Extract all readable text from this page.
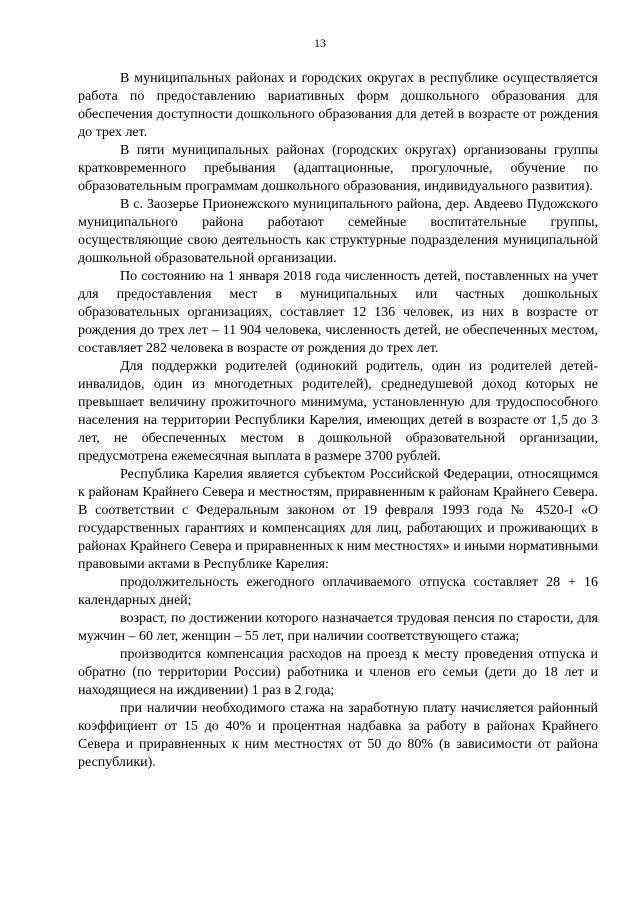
13

В муниципальных районах и городских округах в республике осуществляется работа по предоставлению вариативных форм дошкольного образования для обеспечения доступности дошкольного образования для детей в возрасте от рождения до трех лет.

В пяти муниципальных районах (городских округах) организованы группы кратковременного пребывания (адаптационные, прогулочные, обучение по образовательным программам дошкольного образования, индивидуального развития).

В с. Заозерье Прионежского муниципального района, дер. Авдеево Пудожского муниципального района работают семейные воспитательные группы, осуществляющие свою деятельность как структурные подразделения муниципальной дошкольной образовательной организации.

По состоянию на 1 января 2018 года численность детей, поставленных на учет для предоставления мест в муниципальных или частных дошкольных образовательных организациях, составляет 12 136 человек, из них в возрасте от рождения до трех лет – 11 904 человека, численность детей, не обеспеченных местом, составляет 282 человека в возрасте от рождения до трех лет.

Для поддержки родителей (одинокий родитель, один из родителей детей-инвалидов, один из многодетных родителей), среднедушевой доход которых не превышает величину прожиточного минимума, установленную для трудоспособного населения на территории Республики Карелия, имеющих детей в возрасте от 1,5 до 3 лет, не обеспеченных местом в дошкольной образовательной организации, предусмотрена ежемесячная выплата в размере 3700 рублей.

Республика Карелия является субъектом Российской Федерации, относящимся к районам Крайнего Севера и местностям, приравненным к районам Крайнего Севера. В соответствии с Федеральным законом от 19 февраля 1993 года № 4520-I «О государственных гарантиях и компенсациях для лиц, работающих и проживающих в районах Крайнего Севера и приравненных к ним местностях» и иными нормативными правовыми актами в Республике Карелия:

продолжительность ежегодного оплачиваемого отпуска составляет 28 + 16 календарных дней;

возраст, по достижении которого назначается трудовая пенсия по старости, для мужчин – 60 лет, женщин – 55 лет, при наличии соответствующего стажа;

производится компенсация расходов на проезд к месту проведения отпуска и обратно (по территории России) работника и членов его семьи (дети до 18 лет и находящиеся на иждивении) 1 раз в 2 года;

при наличии необходимого стажа на заработную плату начисляется районный коэффициент от 15 до 40% и процентная надбавка за работу в районах Крайнего Севера и приравненных к ним местностях от 50 до 80% (в зависимости от района республики).
